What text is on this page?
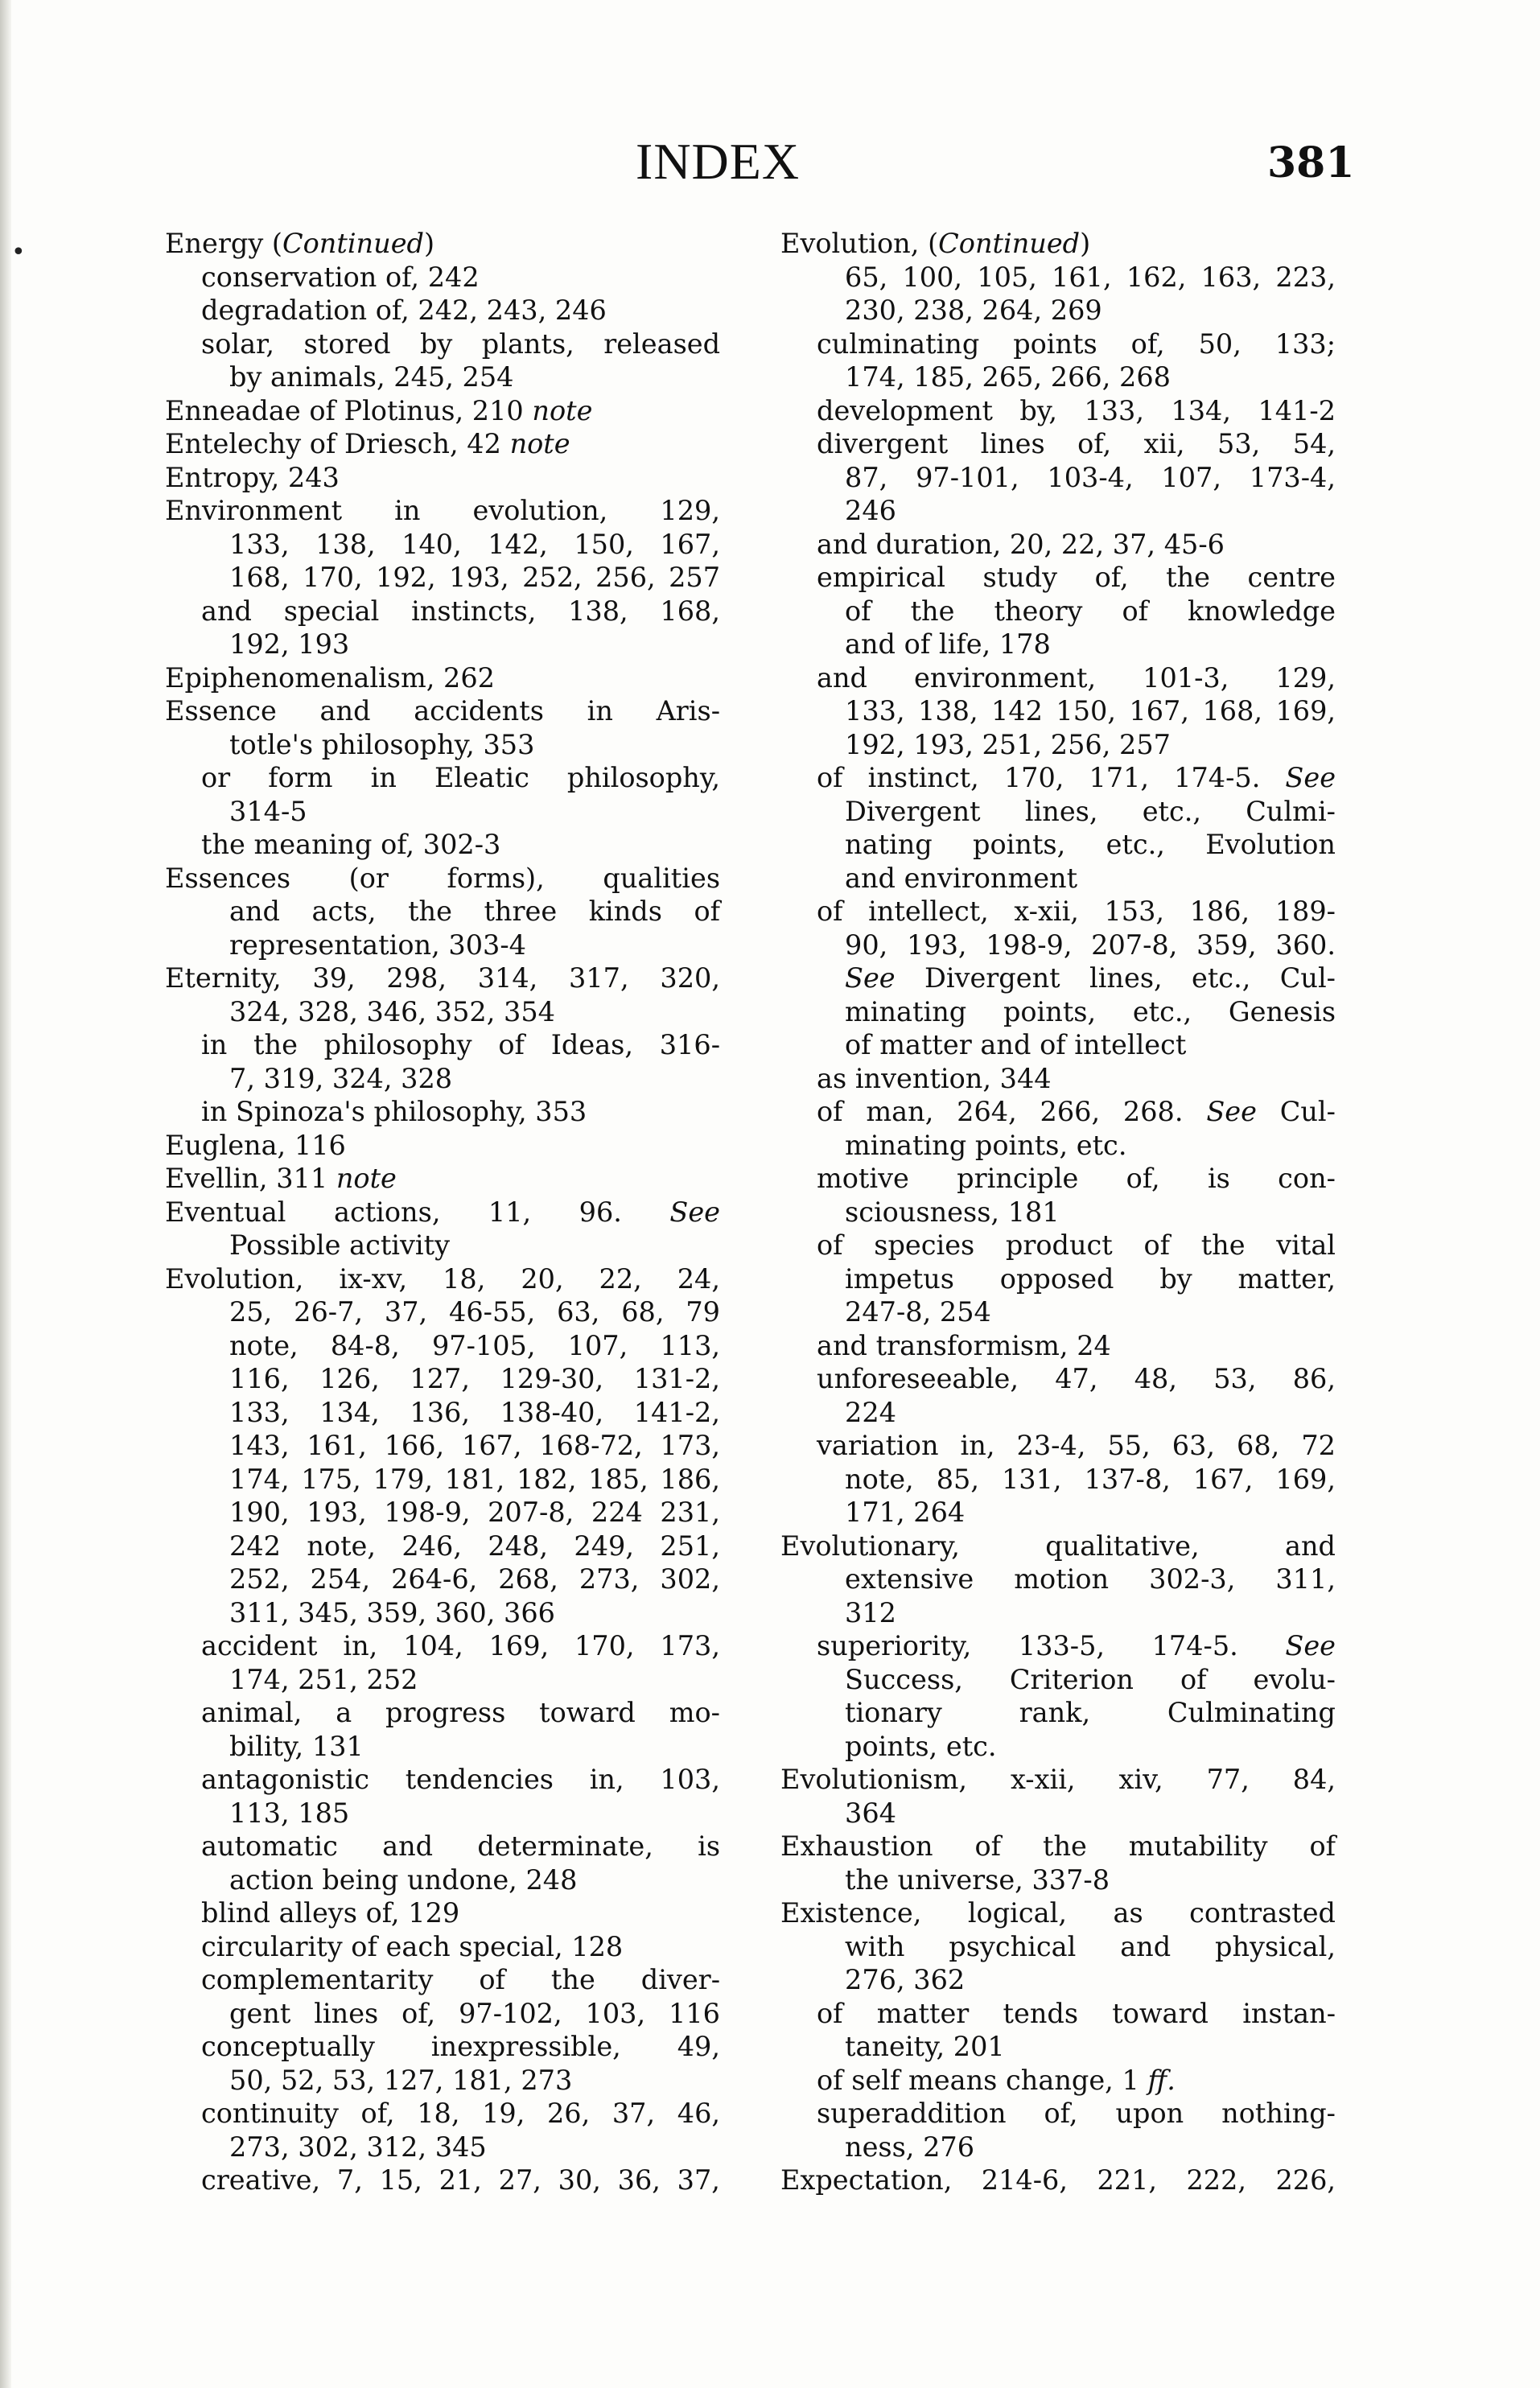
•
INDEX	381
Energy (Continued)
conservation of, 242
degradation of, 242, 243, 246
solar, stored by plants, released
by animals, 245, 254
Enneadae of Plotinus, 210 note
Entelechy of Driesch, 42 note
Entropy, 243
Environment in evolution, 129,
133, 138, 140, 142, 150, 167,
168, 170, 192, 193, 252, 256, 257
and special instincts, 138, 168,
192, 193
Epiphenomenalism, 262
Essence and accidents in Aris-
totle's philosophy, 353
or form in Eleatic philosophy,
314-5
the meaning of, 302-3
Essences (or forms), qualities
and acts, the three kinds of
representation, 303-4
Eternity, 39, 298, 314, 317, 320,
324, 328, 346, 352, 354
in the philosophy of Ideas, 316-
7, 319, 324, 328
in Spinoza's philosophy, 353
Euglena, 116
Evellin, 311 note
Eventual actions, 11, 96. See
Possible activity
Evolution, ix-xv, 18, 20, 22, 24,
25, 26-7, 37, 46-55, 63, 68, 79
note, 84-8, 97-105, 107, 113,
116, 126, 127, 129-30, 131-2,
133, 134, 136, 138-40, 141-2,
143, 161, 166, 167, 168-72, 173,
174, 175, 179, 181, 182, 185, 186,
190, 193, 198-9, 207-8, 224 231,
242 note, 246, 248, 249, 251,
252, 254, 264-6, 268, 273, 302,
311, 345, 359, 360, 366
accident in, 104, 169, 170, 173,
174, 251, 252
animal, a progress toward mo-
bility, 131
antagonistic tendencies in, 103,
113, 185
automatic and determinate, is
action being undone, 248
blind alleys of, 129
circularity of each special, 128
complementarity of the diver-
gent lines of, 97-102, 103, 116
conceptually inexpressible, 49,
50, 52, 53, 127, 181, 273
continuity of, 18, 19, 26, 37, 46,
273, 302, 312, 345
creative, 7, 15, 21, 27, 30, 36, 37,
Evolution, (Continued)
65, 100, 105, 161, 162, 163, 223,
230, 238, 264, 269
culminating points of, 50, 133;
174, 185, 265, 266, 268
development by, 133, 134, 141-2
divergent lines of, xii, 53, 54,
87, 97-101, 103-4, 107, 173-4,
246
and duration, 20, 22, 37, 45-6
empirical study of, the centre
of the theory of knowledge
and of life, 178
and environment, 101-3, 129,
133, 138, 142 150, 167, 168, 169,
192, 193, 251, 256, 257
of instinct, 170, 171, 174-5. See
Divergent lines, etc., Culmi-
nating points, etc., Evolution
and environment
of intellect, x-xii, 153, 186, 189-
90, 193, 198-9, 207-8, 359, 360.
See Divergent lines, etc., Cul-
minating points, etc., Genesis
of matter and of intellect
as invention, 344
of man, 264, 266, 268. See Cul-
minating points, etc.
motive principle of, is con-
sciousness, 181
of species product of the vital
impetus opposed by matter,
247-8, 254
and transformism, 24
unforeseeable, 47, 48, 53, 86,
224
variation in, 23-4, 55, 63, 68, 72
note, 85, 131, 137-8, 167, 169,
171, 264
Evolutionary,	qualitative,	and
extensive motion 302-3, 311,
312
superiority, 133-5, 174-5. See
Success, Criterion of evolu-
tionary	rank,	Culminating
points, etc.
Evolutionism, x-xii, xiv, 77, 84,
364
Exhaustion of the mutability of
the universe, 337-8
Existence, logical, as contrasted
with psychical and physical,
276, 362
of matter tends toward instan-
taneity, 201
of self means change, 1 ff.
superaddition of, upon nothing-
ness, 276
Expectation, 214-6, 221, 222, 226,
